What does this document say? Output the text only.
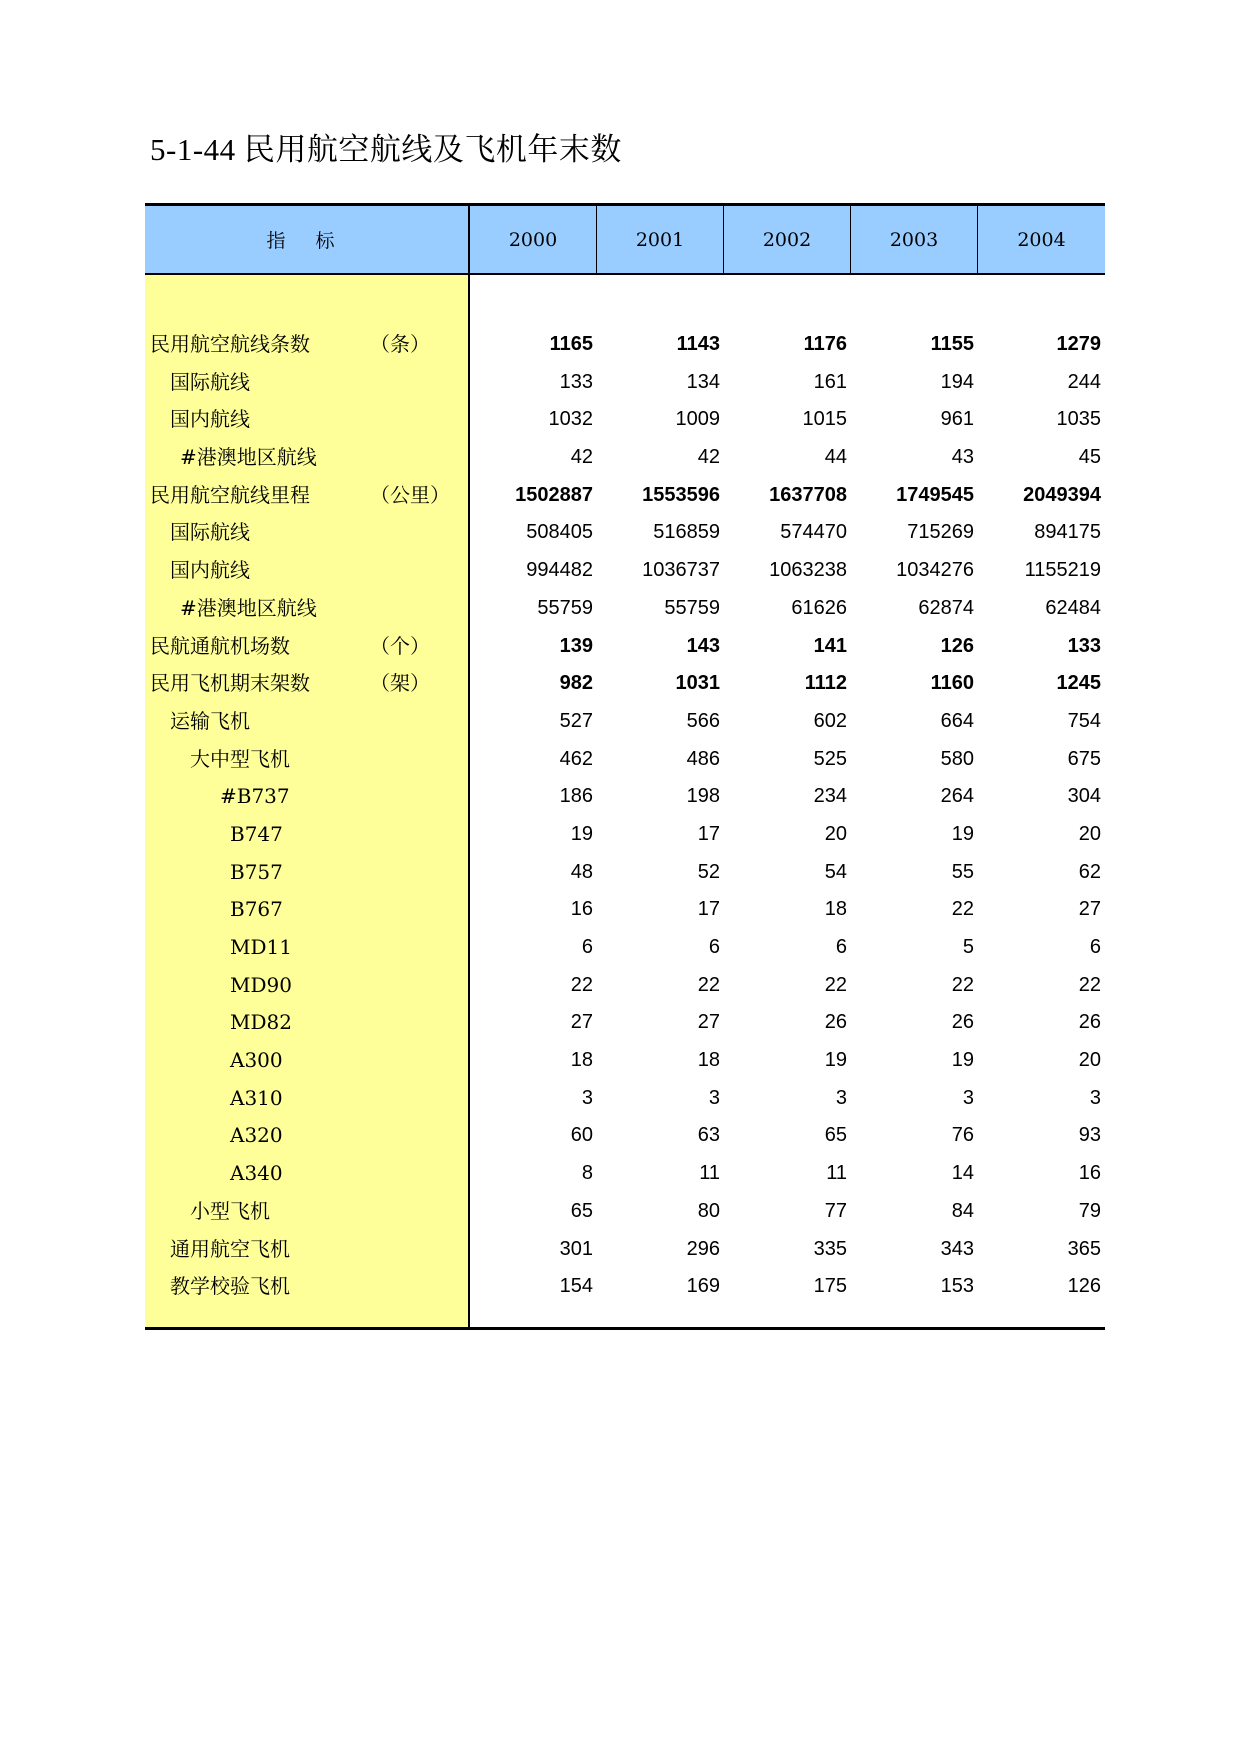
5-1-44 民用航空航线及飞机年末数
指 标	2000	2001	2002	2003	2004
民用航空航线条数	（条）	1165	1143	1176	1155	1279
国际航线	133	134	161	194	244
国内航线	1032	1009	1015	961	1035
#港澳地区航线	42	42	44	43	45
民用航空航线里程	（公里）	1502887	1553596	1637708	1749545	2049394
国际航线	508405	516859	574470	715269	894175
国内航线	994482	1036737	1063238	1034276	1155219
#港澳地区航线	55759	55759	61626	62874	62484
民航通航机场数	（个）	139	143	141	126	133
民用飞机期末架数	（架）	982	1031	1112	1160	1245
运输飞机	527	566	602	664	754
大中型飞机	462	486	525	580	675
#B737	186	198	234	264	304
B747	19	17	20	19	20
B757	48	52	54	55	62
B767	16	17	18	22	27
MD11	6	6	6	5	6
MD90	22	22	22	22	22
MD82	27	27	26	26	26
A300	18	18	19	19	20
A310	3	3	3	3	3
A320	60	63	65	76	93
A340	8	11	11	14	16
小型飞机	65	80	77	84	79
通用航空飞机	301	296	335	343	365
教学校验飞机	154	169	175	153	126
